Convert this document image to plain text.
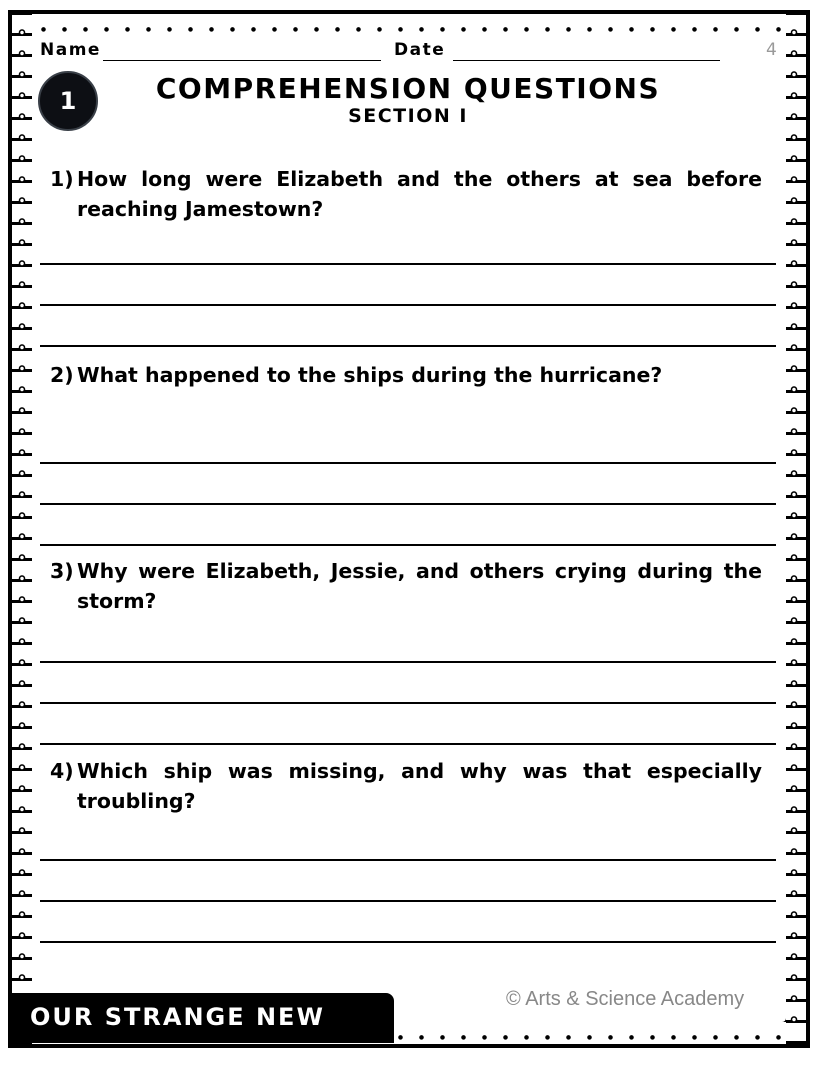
Name	Date	4
1	COMPREHENSION QUESTIONS
SECTION I
1) How long were Elizabeth and the others at sea before reaching Jamestown?
2) What happened to the ships during the hurricane?
3) Why were Elizabeth, Jessie, and others crying during the storm?
4) Which ship was missing, and why was that especially troubling?
OUR STRANGE NEW LAND
© Arts & Science Academy
